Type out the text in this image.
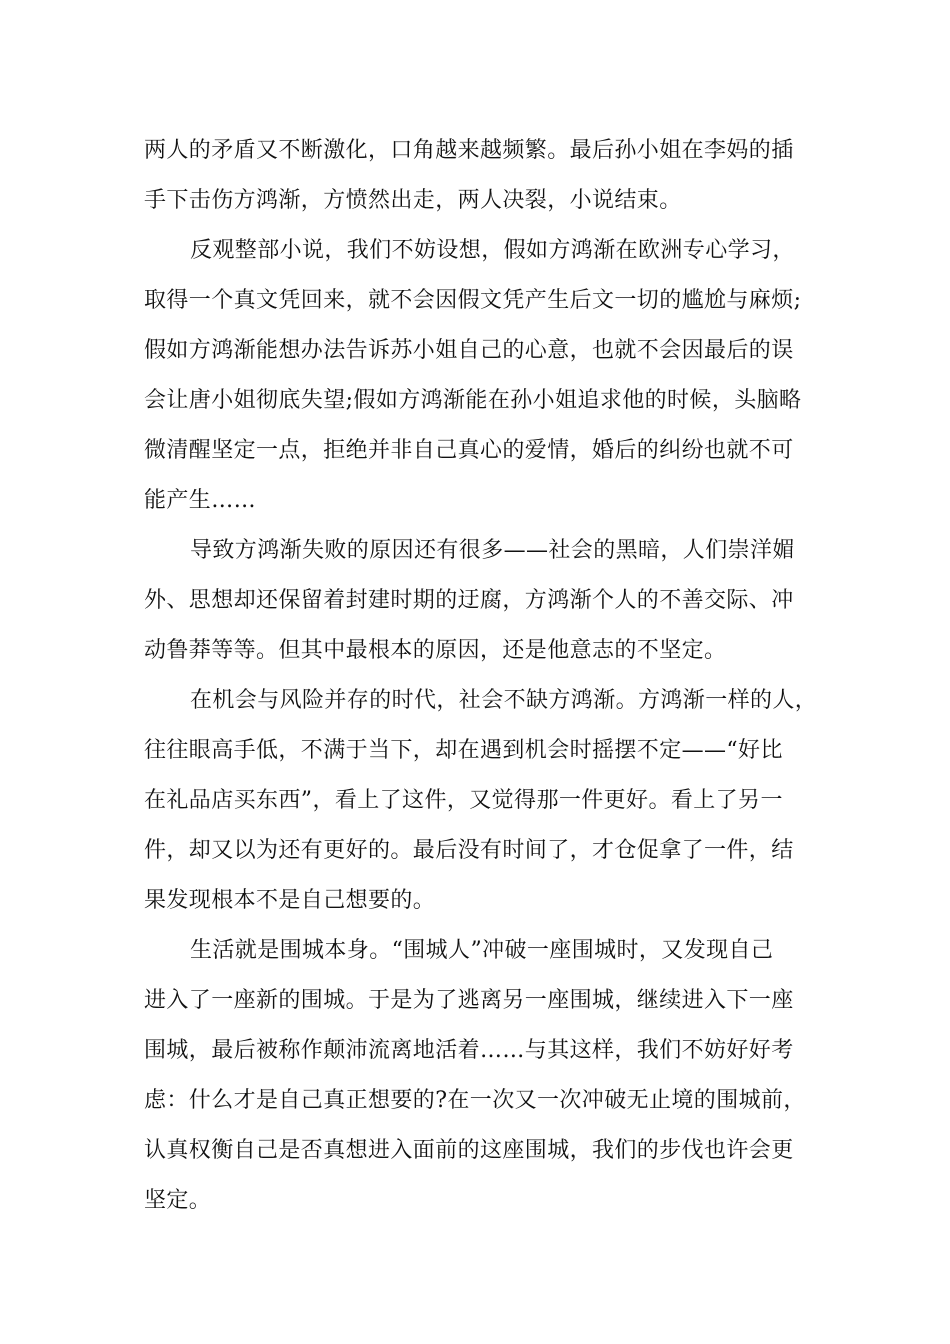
两人的矛盾又不断激化，口角越来越频繁。最后孙小姐在李妈的插
手下击伤方鸿渐，方愤然出走，两人决裂，小说结束。
反观整部小说，我们不妨设想，假如方鸿渐在欧洲专心学习，
取得一个真文凭回来，就不会因假文凭产生后文一切的尴尬与麻烦;
假如方鸿渐能想办法告诉苏小姐自己的心意，也就不会因最后的误
会让唐小姐彻底失望;假如方鸿渐能在孙小姐追求他的时候，头脑略
微清醒坚定一点，拒绝并非自己真心的爱情，婚后的纠纷也就不可
能产生……
导致方鸿渐失败的原因还有很多——社会的黑暗，人们崇洋媚
外、思想却还保留着封建时期的迂腐，方鸿渐个人的不善交际、冲
动鲁莽等等。但其中最根本的原因，还是他意志的不坚定。
在机会与风险并存的时代，社会不缺方鸿渐。方鸿渐一样的人，
往往眼高手低，不满于当下，却在遇到机会时摇摆不定——“好比
在礼品店买东西”，看上了这件，又觉得那一件更好。看上了另一
件，却又以为还有更好的。最后没有时间了，才仓促拿了一件，结
果发现根本不是自己想要的。
生活就是围城本身。“围城人”冲破一座围城时，又发现自己
进入了一座新的围城。于是为了逃离另一座围城，继续进入下一座
围城，最后被称作颠沛流离地活着……与其这样，我们不妨好好考
虑：什么才是自己真正想要的?在一次又一次冲破无止境的围城前，
认真权衡自己是否真想进入面前的这座围城，我们的步伐也许会更
坚定。
